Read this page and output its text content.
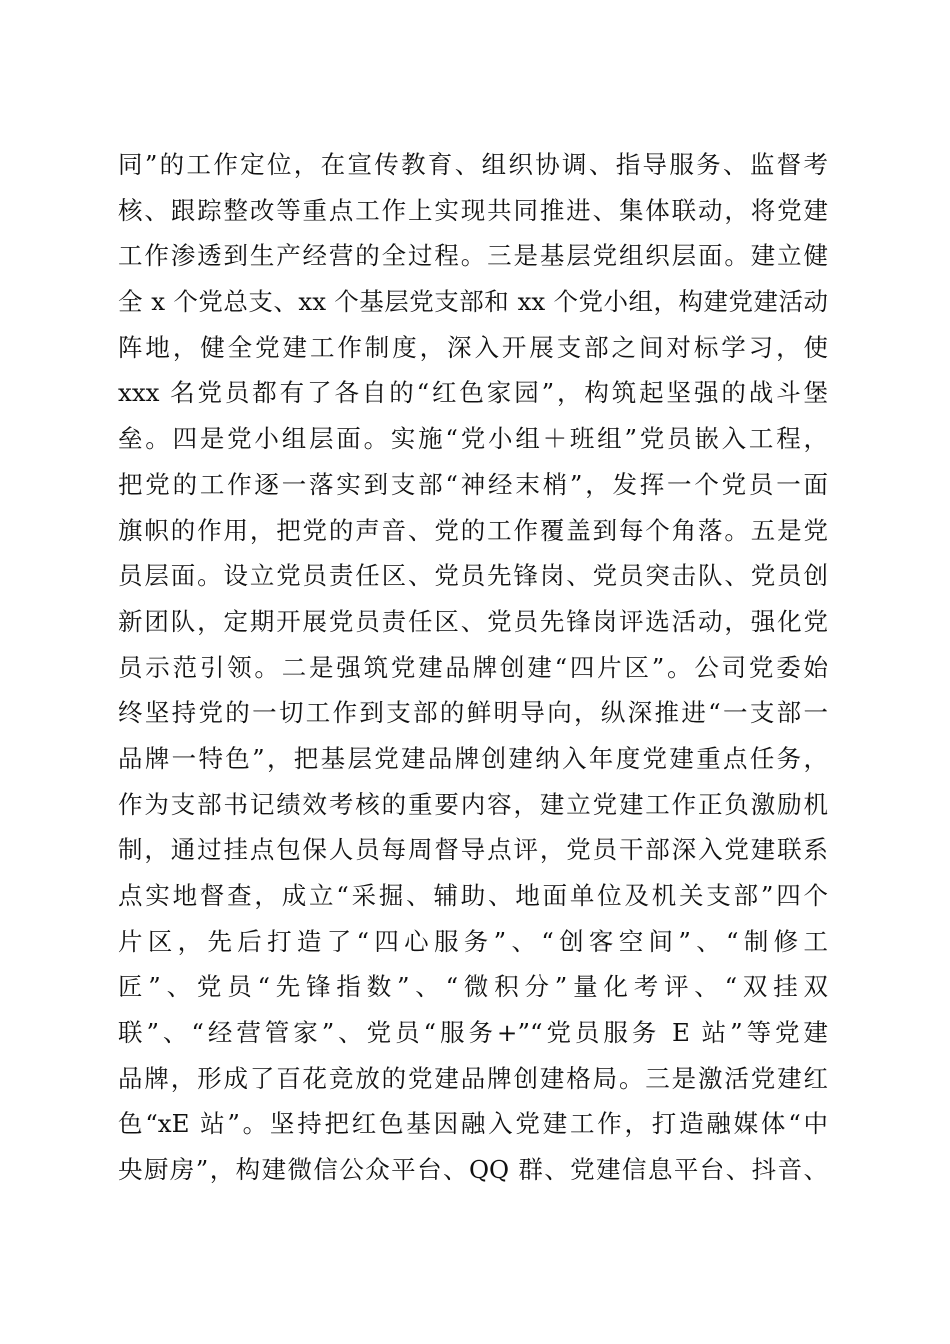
同”的工作定位，在宣传教育、组织协调、指导服务、监督考
核、跟踪整改等重点工作上实现共同推进、集体联动，将党建
工作渗透到生产经营的全过程。三是基层党组织层面。建立健
全 x 个党总支、xx 个基层党支部和 xx 个党小组，构建党建活动
阵地，健全党建工作制度，深入开展支部之间对标学习，使
xxx 名党员都有了各自的“红色家园”，构筑起坚强的战斗堡
垒。四是党小组层面。实施“党小组＋班组”党员嵌入工程，
把党的工作逐一落实到支部“神经末梢”，发挥一个党员一面
旗帜的作用，把党的声音、党的工作覆盖到每个角落。五是党
员层面。设立党员责任区、党员先锋岗、党员突击队、党员创
新团队，定期开展党员责任区、党员先锋岗评选活动，强化党
员示范引领。二是强筑党建品牌创建“四片区”。公司党委始
终坚持党的一切工作到支部的鲜明导向，纵深推进“一支部一
品牌一特色”，把基层党建品牌创建纳入年度党建重点任务，
作为支部书记绩效考核的重要内容，建立党建工作正负激励机
制，通过挂点包保人员每周督导点评，党员干部深入党建联系
点实地督查，成立“采掘、辅助、地面单位及机关支部”四个
片区，先后打造了“四心服务”、“创客空间”、“制修工
匠”、党员“先锋指数”、“微积分”量化考评、“双挂双
联”、“经营管家”、党员“服务+”“党员服务 E 站”等党建
品牌，形成了百花竞放的党建品牌创建格局。三是激活党建红
色“xE 站”。坚持把红色基因融入党建工作，打造融媒体“中
央厨房”，构建微信公众平台、QQ 群、党建信息平台、抖音、
